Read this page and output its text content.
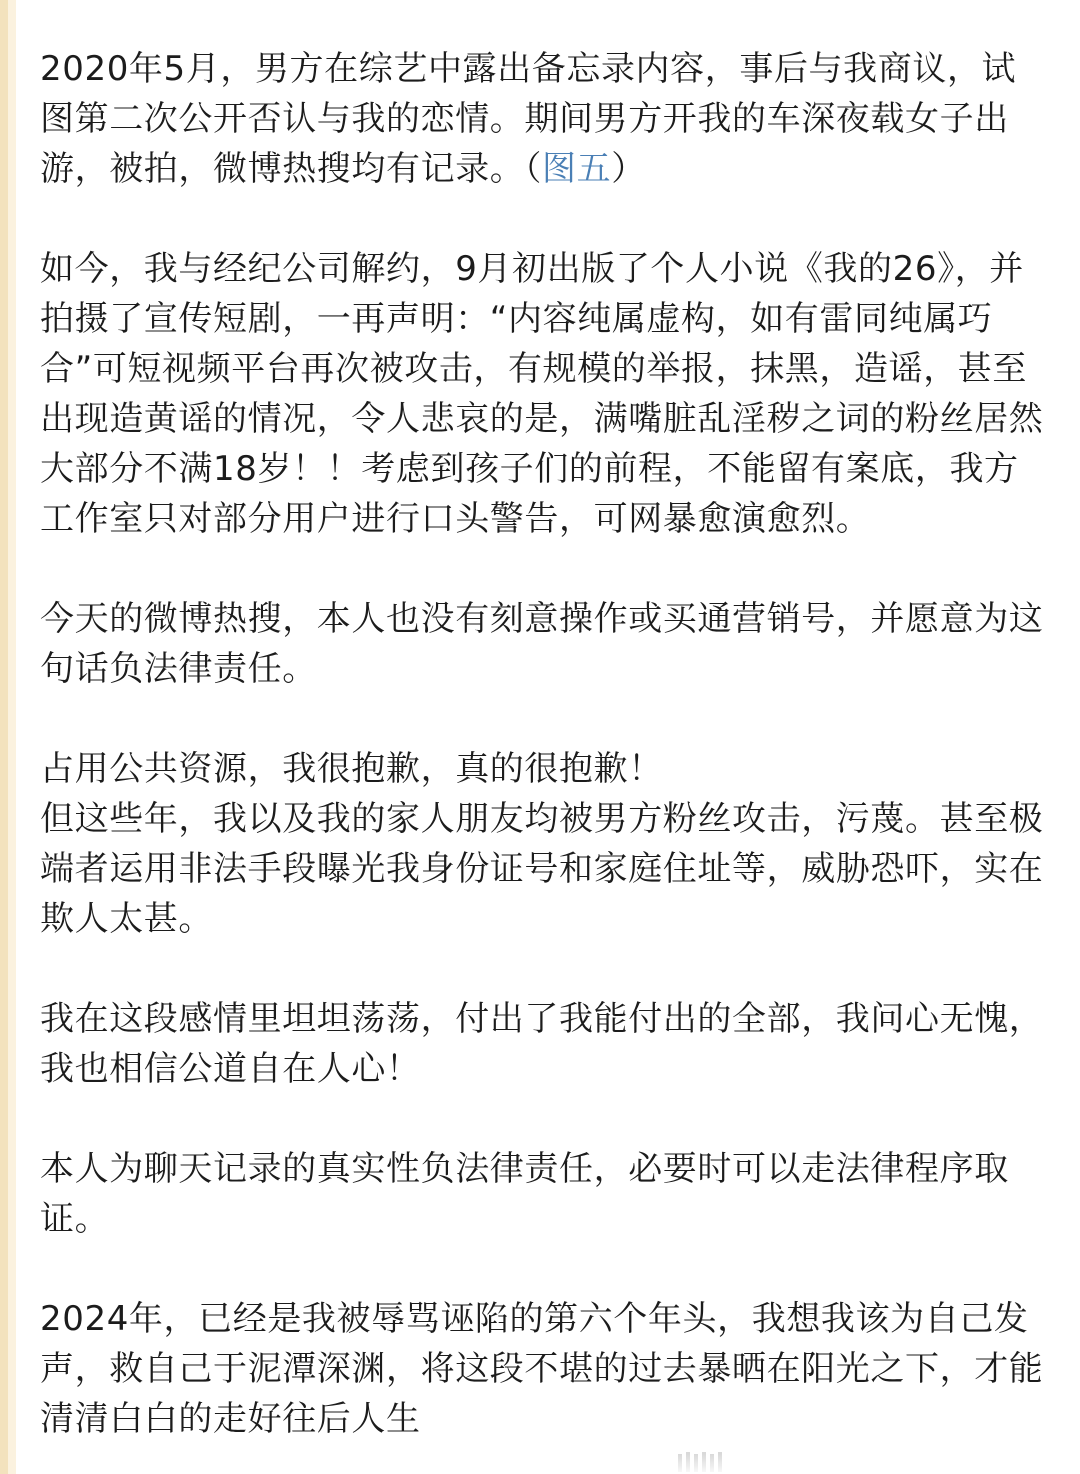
2020年5月，男方在综艺中露出备忘录内容，事后与我商议，试图第二次公开否认与我的恋情。期间男方开我的车深夜载女子出游，被拍，微博热搜均有记录。（图五）

如今，我与经纪公司解约，9月初出版了个人小说《我的26》，并拍摄了宣传短剧，一再声明：“内容纯属虚构，如有雷同纯属巧合”可短视频平台再次被攻击，有规模的举报，抹黑，造谣，甚至出现造黄谣的情况，令人悲哀的是，满嘴脏乱淫秽之词的粉丝居然大部分不满18岁！！考虑到孩子们的前程，不能留有案底，我方工作室只对部分用户进行口头警告，可网暴愈演愈烈。

今天的微博热搜，本人也没有刻意操作或买通营销号，并愿意为这句话负法律责任。

占用公共资源，我很抱歉，真的很抱歉！
但这些年，我以及我的家人朋友均被男方粉丝攻击，污蔑。甚至极端者运用非法手段曝光我身份证号和家庭住址等，威胁恐吓，实在欺人太甚。

我在这段感情里坦坦荡荡，付出了我能付出的全部，我问心无愧，我也相信公道自在人心！

本人为聊天记录的真实性负法律责任，必要时可以走法律程序取证。

2024年，已经是我被辱骂诬陷的第六个年头，我想我该为自己发声，救自己于泥潭深渊，将这段不堪的过去暴晒在阳光之下，才能清清白白的走好往后人生
